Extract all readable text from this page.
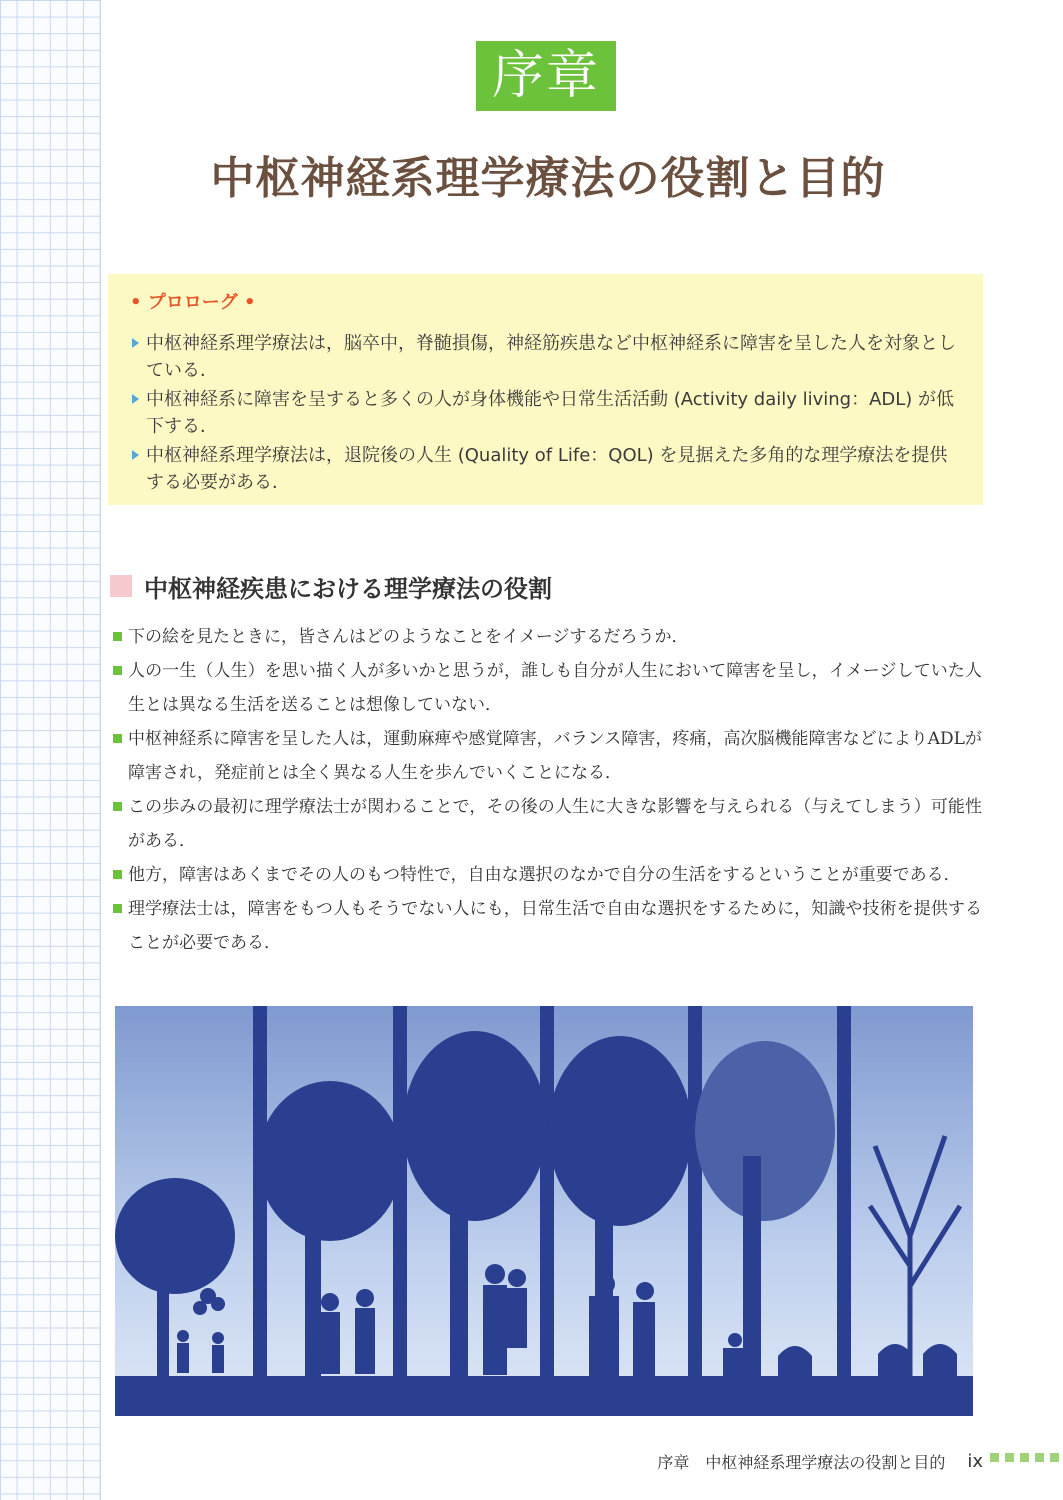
序章
中枢神経系理学療法の役割と目的
• プロローグ •
中枢神経系理学療法は，脳卒中，脊髄損傷，神経筋疾患など中枢神経系に障害を呈した人を対象としている．
中枢神経系に障害を呈すると多くの人が身体機能や日常生活活動 (Activity daily living：ADL) が低下する．
中枢神経系理学療法は，退院後の人生 (Quality of Life：QOL) を見据えた多角的な理学療法を提供する必要がある．
中枢神経疾患における理学療法の役割
下の絵を見たときに，皆さんはどのようなことをイメージするだろうか．
人の一生（人生）を思い描く人が多いかと思うが，誰しも自分が人生において障害を呈し，イメージしていた人生とは異なる生活を送ることは想像していない．
中枢神経系に障害を呈した人は，運動麻痺や感覚障害，バランス障害，疼痛，高次脳機能障害などによりADLが障害され，発症前とは全く異なる人生を歩んでいくことになる．
この歩みの最初に理学療法士が関わることで，その後の人生に大きな影響を与えられる（与えてしまう）可能性がある．
他方，障害はあくまでその人のもつ特性で，自由な選択のなかで自分の生活をするということが重要である．
理学療法士は，障害をもつ人もそうでない人にも，日常生活で自由な選択をするために，知識や技術を提供することが必要である．
序章　中枢神経系理学療法の役割と目的 ix
